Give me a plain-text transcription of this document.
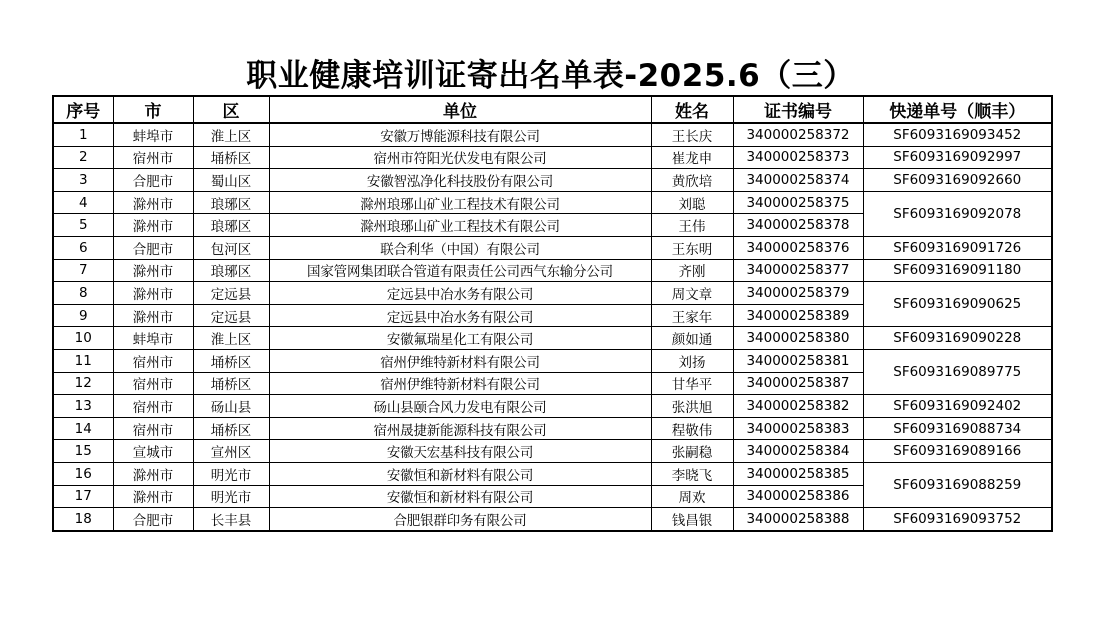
职业健康培训证寄出名单表-2025.6（三）
序号	市	区	单位	姓名	证书编号	快递单号（顺丰）
1	蚌埠市	淮上区	安徽万博能源科技有限公司	王长庆	340000258372	SF6093169093452
2	宿州市	埇桥区	宿州市符阳光伏发电有限公司	崔龙申	340000258373	SF6093169092997
3	合肥市	蜀山区	安徽智泓净化科技股份有限公司	黄欣培	340000258374	SF6093169092660
4	滁州市	琅琊区	滁州琅琊山矿业工程技术有限公司	刘聪	340000258375	SF6093169092078
5	滁州市	琅琊区	滁州琅琊山矿业工程技术有限公司	王伟	340000258378	
6	合肥市	包河区	联合利华（中国）有限公司	王东明	340000258376	SF6093169091726
7	滁州市	琅琊区	国家管网集团联合管道有限责任公司西气东输分公司	齐刚	340000258377	SF6093169091180
8	滁州市	定远县	定远县中冶水务有限公司	周文章	340000258379	SF6093169090625
9	滁州市	定远县	定远县中冶水务有限公司	王家年	340000258389	
10	蚌埠市	淮上区	安徽氟瑞星化工有限公司	颜如通	340000258380	SF6093169090228
11	宿州市	埇桥区	宿州伊维特新材料有限公司	刘扬	340000258381	SF6093169089775
12	宿州市	埇桥区	宿州伊维特新材料有限公司	甘华平	340000258387	
13	宿州市	砀山县	砀山县颐合风力发电有限公司	张洪旭	340000258382	SF6093169092402
14	宿州市	埇桥区	宿州晟捷新能源科技有限公司	程敬伟	340000258383	SF6093169088734
15	宣城市	宣州区	安徽天宏基科技有限公司	张嗣稳	340000258384	SF6093169089166
16	滁州市	明光市	安徽恒和新材料有限公司	李晓飞	340000258385	SF6093169088259
17	滁州市	明光市	安徽恒和新材料有限公司	周欢	340000258386	
18	合肥市	长丰县	合肥银群印务有限公司	钱昌银	340000258388	SF6093169093752
